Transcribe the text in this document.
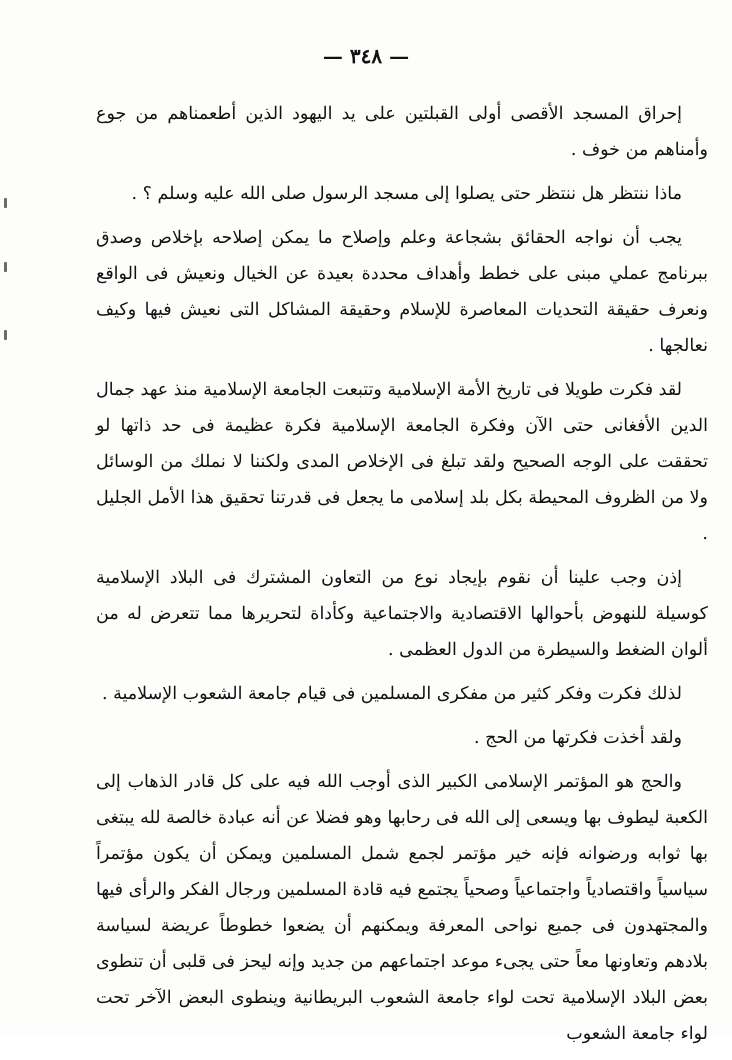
— ٣٤٨ —

إحراق المسجد الأقصى أولى القبلتين على يد اليهود الذين أطعمناهم من جوع وأمناهم من خوف .

ماذا ننتظر هل ننتظر حتى يصلوا إلى مسجد الرسول صلى الله عليه وسلم ؟ .

يجب أن نواجه الحقائق بشجاعة وعلم وإصلاح ما يمكن إصلاحه بإخلاص وصدق ببرنامج عملي مبنى على خطط وأهداف محددة بعيدة عن الخيال ونعيش فى الواقع ونعرف حقيقة التحديات المعاصرة للإسلام وحقيقة المشاكل التى نعيش فيها وكيف نعالجها .

لقد فكرت طويلا فى تاريخ الأمة الإسلامية وتتبعت الجامعة الإسلامية منذ عهد جمال الدين الأفغانى حتى الآن وفكرة الجامعة الإسلامية فكرة عظيمة فى حد ذاتها لو تحققت على الوجه الصحيح ولقد تبلغ فى الإخلاص المدى ولكننا لا نملك من الوسائل ولا من الظروف المحيطة بكل بلد إسلامى ما يجعل فى قدرتنا تحقيق هذا الأمل الجليل .

إذن وجب علينا أن نقوم بإيجاد نوع من التعاون المشترك فى البلاد الإسلامية كوسيلة للنهوض بأحوالها الاقتصادية والاجتماعية وكأداة لتحريرها مما تتعرض له من ألوان الضغط والسيطرة من الدول العظمى .

لذلك فكرت وفكر كثير من مفكرى المسلمين فى قيام جامعة الشعوب الإسلامية .

ولقد أخذت فكرتها من الحج .

والحج هو المؤتمر الإسلامى الكبير الذى أوجب الله فيه على كل قادر الذهاب إلى الكعبة ليطوف بها ويسعى إلى الله فى رحابها وهو فضلا عن أنه عبادة خالصة لله يبتغى بها ثوابه ورضوانه فإنه خير مؤتمر لجمع شمل المسلمين ويمكن أن يكون مؤتمراً سياسياً واقتصادياً واجتماعياً وصحياً يجتمع فيه قادة المسلمين ورجال الفكر والرأى فيها والمجتهدون فى جميع نواحى المعرفة ويمكنهم أن يضعوا خطوطاً عريضة لسياسة بلادهم وتعاونها معاً حتى يجىء موعد اجتماعهم من جديد وإنه ليحز فى قلبى أن تنطوى بعض البلاد الإسلامية تحت لواء جامعة الشعوب البريطانية وينطوى البعض الآخر تحت لواء جامعة الشعوب
